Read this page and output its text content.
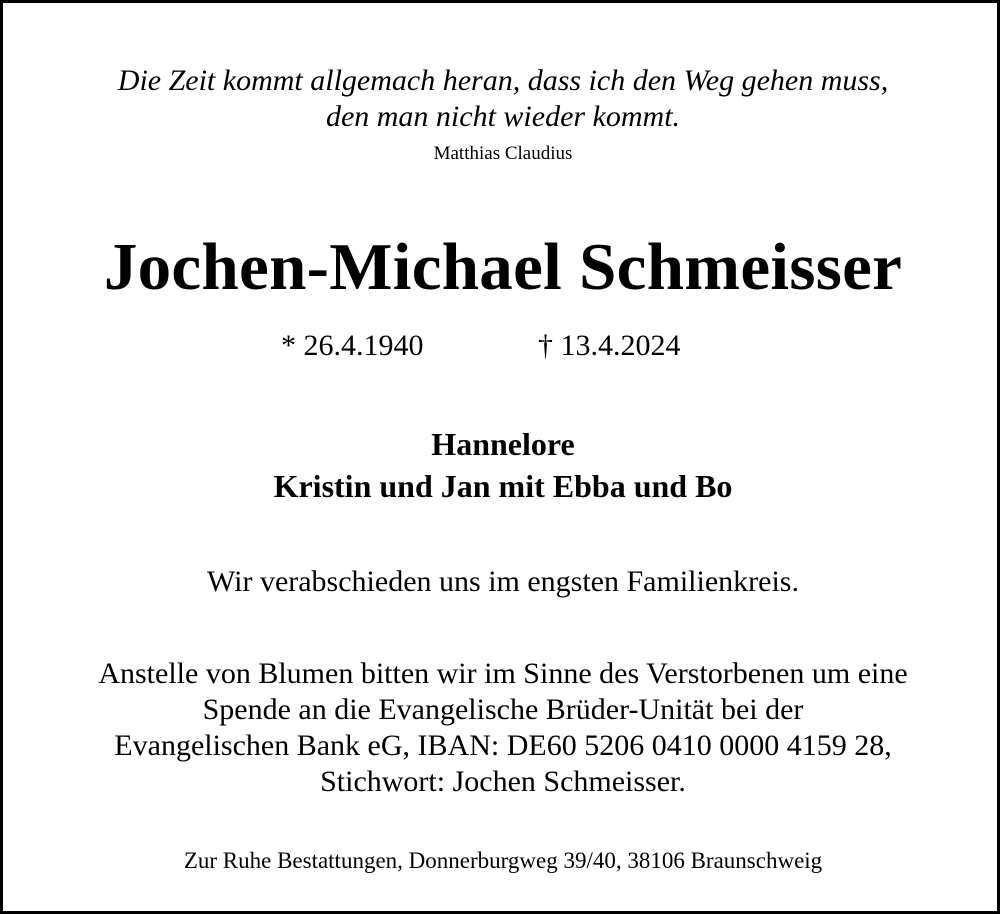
Die Zeit kommt allgemach heran, dass ich den Weg gehen muss,
den man nicht wieder kommt.
Matthias Claudius
Jochen-Michael Schmeisser
* 26.4.1940	† 13.4.2024
Hannelore
Kristin und Jan mit Ebba und Bo
Wir verabschieden uns im engsten Familienkreis.
Anstelle von Blumen bitten wir im Sinne des Verstorbenen um eine
Spende an die Evangelische Brüder-Unität bei der
Evangelischen Bank eG, IBAN: DE60 5206 0410 0000 4159 28,
Stichwort: Jochen Schmeisser.
Zur Ruhe Bestattungen, Donnerburgweg 39/40, 38106 Braunschweig
